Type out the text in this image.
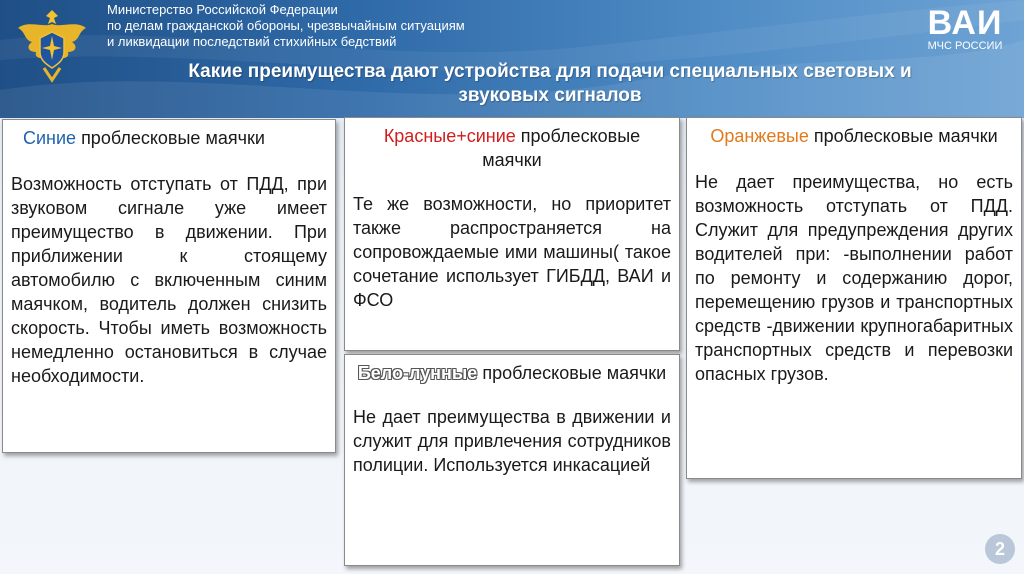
Министерство Российской Федерации
по делам гражданской обороны, чрезвычайным ситуациям
и ликвидации последствий стихийных бедствий	ВАИ
МЧС РОССИИ
Какие преимущества дают устройства для подачи специальных световых и
звуковых сигналов
Синие проблесковые маячки
Возможность отступать от ПДД, при звуковом сигнале уже имеет преимущество в движении. При приближении к стоящему автомобилю с включенным синим маячком, водитель должен снизить скорость. Чтобы иметь возможность немедленно остановиться в случае необходимости.
Красные+синие проблесковые маячки
Те же возможности, но приоритет также распространяется на сопровождаемые ими машины( такое сочетание использует ГИБДД, ВАИ и ФСО
Бело-лунные проблесковые маячки
Не дает преимущества в движении и служит для привлечения сотрудников полиции. Используется инкасацией
Оранжевые проблесковые маячки
Не дает преимущества, но есть возможность отступать от ПДД. Служит для предупреждения других водителей при: -выполнении работ по ремонту и содержанию дорог, перемещению грузов и транспортных средств -движении крупногабаритных транспортных средств и перевозки опасных грузов.
2
